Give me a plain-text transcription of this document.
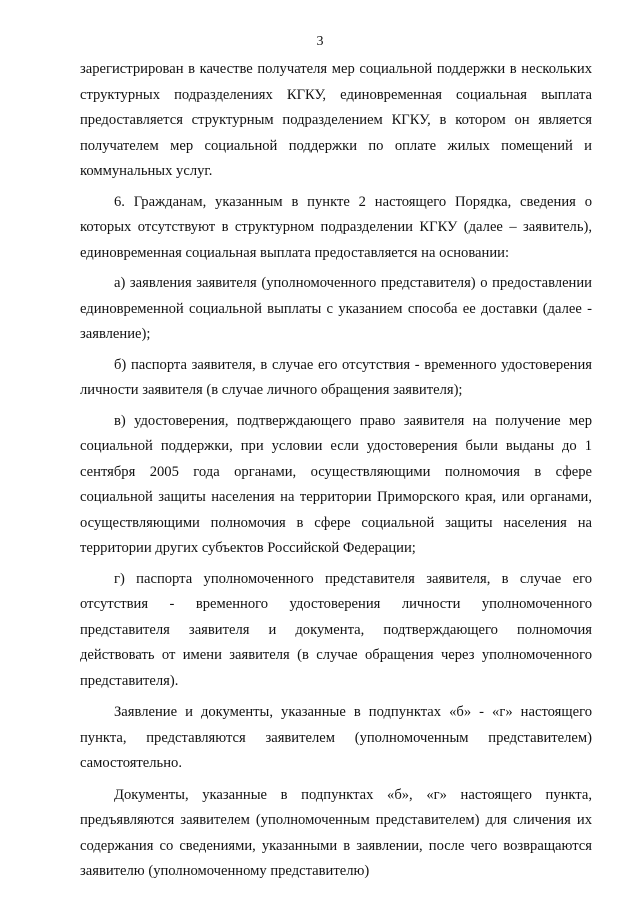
3

зарегистрирован в качестве получателя мер социальной поддержки в нескольких структурных подразделениях КГКУ, единовременная социальная выплата предоставляется структурным подразделением КГКУ, в котором он является получателем мер социальной поддержки по оплате жилых помещений и коммунальных услуг.

6. Гражданам, указанным в пункте 2 настоящего Порядка, сведения о которых отсутствуют в структурном подразделении КГКУ (далее – заявитель), единовременная социальная выплата предоставляется на основании:

а) заявления заявителя (уполномоченного представителя) о предоставлении единовременной социальной выплаты с указанием способа ее доставки (далее - заявление);

б) паспорта заявителя, в случае его отсутствия - временного удостоверения личности заявителя (в случае личного обращения заявителя);

в) удостоверения, подтверждающего право заявителя на получение мер социальной поддержки, при условии если удостоверения были выданы до 1 сентября 2005 года органами, осуществляющими полномочия в сфере социальной защиты населения на территории Приморского края, или органами, осуществляющими полномочия в сфере социальной защиты населения на территории других субъектов Российской Федерации;

г) паспорта уполномоченного представителя заявителя, в случае его отсутствия - временного удостоверения личности уполномоченного представителя заявителя и документа, подтверждающего полномочия действовать от имени заявителя (в случае обращения через уполномоченного представителя).

Заявление и документы, указанные в подпунктах «б» - «г» настоящего пункта, представляются заявителем (уполномоченным представителем) самостоятельно.

Документы, указанные в подпунктах «б», «г» настоящего пункта, предъявляются заявителем (уполномоченным представителем) для сличения их содержания со сведениями, указанными в заявлении, после чего возвращаются заявителю (уполномоченному представителю)
